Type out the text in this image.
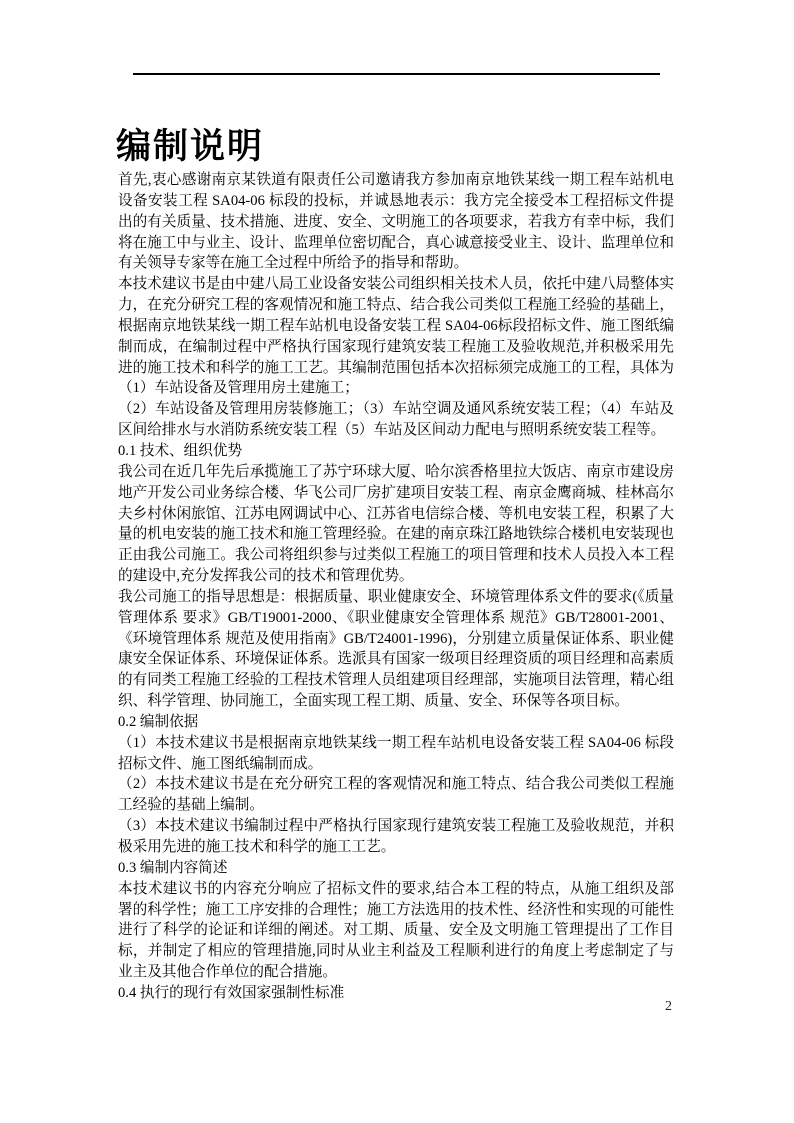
编制说明

首先,衷心感谢南京某铁道有限责任公司邀请我方参加南京地铁某线一期工程车站机电设备安装工程 SA04-06 标段的投标，并诚恳地表示：我方完全接受本工程招标文件提出的有关质量、技术措施、进度、安全、文明施工的各项要求，若我方有幸中标，我们将在施工中与业主、设计、监理单位密切配合，真心诚意接受业主、设计、监理单位和有关领导专家等在施工全过程中所给予的指导和帮助。

本技术建议书是由中建八局工业设备安装公司组织相关技术人员，依托中建八局整体实力，在充分研究工程的客观情况和施工特点、结合我公司类似工程施工经验的基础上，根据南京地铁某线一期工程车站机电设备安装工程 SA04-06标段招标文件、施工图纸编制而成，在编制过程中严格执行国家现行建筑安装工程施工及验收规范,并积极采用先进的施工技术和科学的施工工艺。其编制范围包括本次招标须完成施工的工程，具体为（1）车站设备及管理用房土建施工；

（2）车站设备及管理用房装修施工；（3）车站空调及通风系统安装工程；（4）车站及区间给排水与水消防系统安装工程（5）车站及区间动力配电与照明系统安装工程等。

0.1 技术、组织优势

我公司在近几年先后承揽施工了苏宁环球大厦、哈尔滨香格里拉大饭店、南京市建设房地产开发公司业务综合楼、华飞公司厂房扩建项目安装工程、南京金鹰商城、桂林高尔夫乡村休闲旅馆、江苏电网调试中心、江苏省电信综合楼、等机电安装工程，积累了大量的机电安装的施工技术和施工管理经验。在建的南京珠江路地铁综合楼机电安装现也正由我公司施工。我公司将组织参与过类似工程施工的项目管理和技术人员投入本工程的建设中,充分发挥我公司的技术和管理优势。

我公司施工的指导思想是：根据质量、职业健康安全、环境管理体系文件的要求(《质量管理体系 要求》GB/T19001-2000、《职业健康安全管理体系 规范》GB/T28001-2001、《环境管理体系 规范及使用指南》GB/T24001-1996)，分别建立质量保证体系、职业健康安全保证体系、环境保证体系。选派具有国家一级项目经理资质的项目经理和高素质的有同类工程施工经验的工程技术管理人员组建项目经理部，实施项目法管理，精心组织、科学管理、协同施工，全面实现工程工期、质量、安全、环保等各项目标。

0.2 编制依据

（1）本技术建议书是根据南京地铁某线一期工程车站机电设备安装工程 SA04-06 标段招标文件、施工图纸编制而成。

（2）本技术建议书是在充分研究工程的客观情况和施工特点、结合我公司类似工程施工经验的基础上编制。

（3）本技术建议书编制过程中严格执行国家现行建筑安装工程施工及验收规范，并积极采用先进的施工技术和科学的施工工艺。

0.3 编制内容简述

本技术建议书的内容充分响应了招标文件的要求,结合本工程的特点，从施工组织及部署的科学性；施工工序安排的合理性；施工方法选用的技术性、经济性和实现的可能性进行了科学的论证和详细的阐述。对工期、质量、安全及文明施工管理提出了工作目标，并制定了相应的管理措施,同时从业主利益及工程顺利进行的角度上考虑制定了与业主及其他合作单位的配合措施。

0.4 执行的现行有效国家强制性标准

2
